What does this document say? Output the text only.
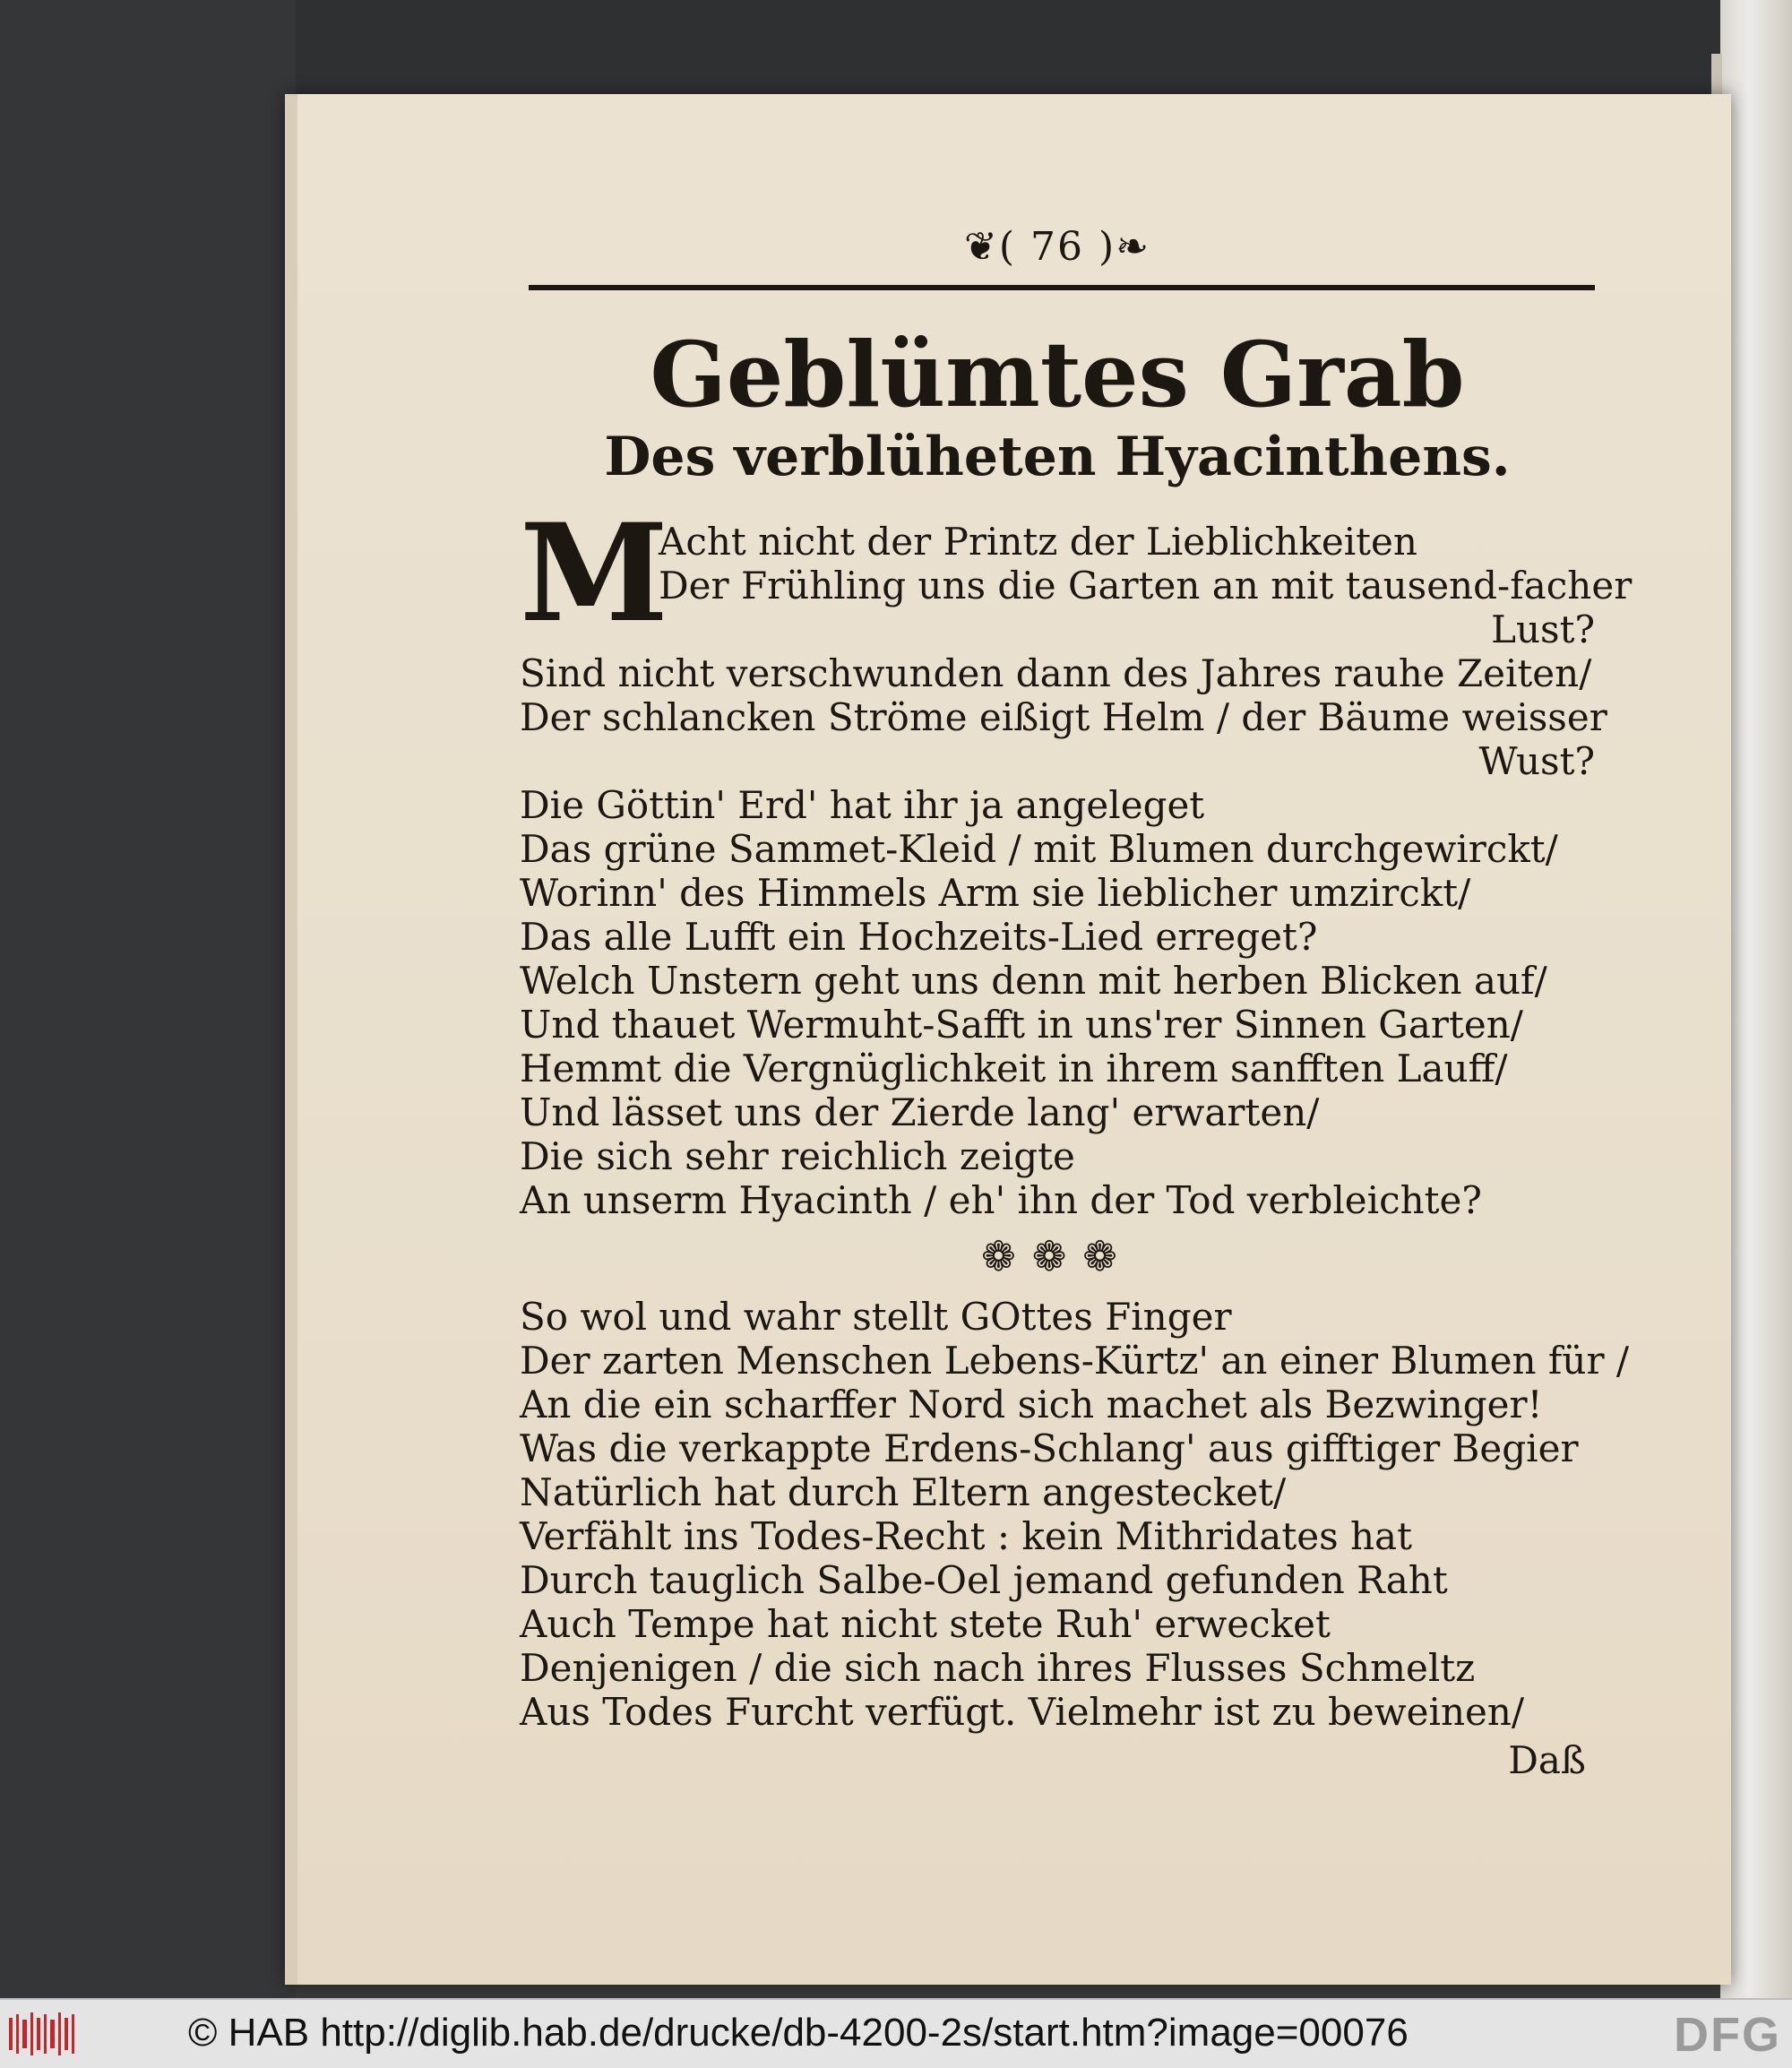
❦( 76 )❧
Geblümtes Grab
Des verblüheten Hyacinthens.
M
Acht nicht der Printz der Lieblichkeiten
Der Frühling uns die Garten an mit tausend-facher
Lust?
Sind nicht verschwunden dann des Jahres rauhe Zeiten/
Der schlancken Ströme eißigt Helm / der Bäume weisser
Wust?
Die Göttin' Erd' hat ihr ja angeleget
Das grüne Sammet-Kleid / mit Blumen durchgewirckt/
Worinn' des Himmels Arm sie lieblicher umzirckt/
Das alle Lufft ein Hochzeits-Lied erreget?
Welch Unstern geht uns denn mit herben Blicken auf/
Und thauet Wermuht-Safft in uns'rer Sinnen Garten/
Hemmt die Vergnüglichkeit in ihrem sanfften Lauff/
Und lässet uns der Zierde lang' erwarten/
Die sich sehr reichlich zeigte
An unserm Hyacinth / eh' ihn der Tod verbleichte?
❁❁❁
So wol und wahr stellt GOttes Finger
Der zarten Menschen Lebens-Kürtz' an einer Blumen für /
An die ein scharffer Nord sich machet als Bezwinger!
Was die verkappte Erdens-Schlang' aus gifftiger Begier
Natürlich hat durch Eltern angestecket/
Verfählt ins Todes-Recht : kein Mithridates hat
Durch tauglich Salbe-Oel jemand gefunden Raht
Auch Tempe hat nicht stete Ruh' erwecket
Denjenigen / die sich nach ihres Flusses Schmeltz
Aus Todes Furcht verfügt. Vielmehr ist zu beweinen/
Daß
© HAB http://diglib.hab.de/drucke/db-4200-2s/start.htm?image=00076	DFG
